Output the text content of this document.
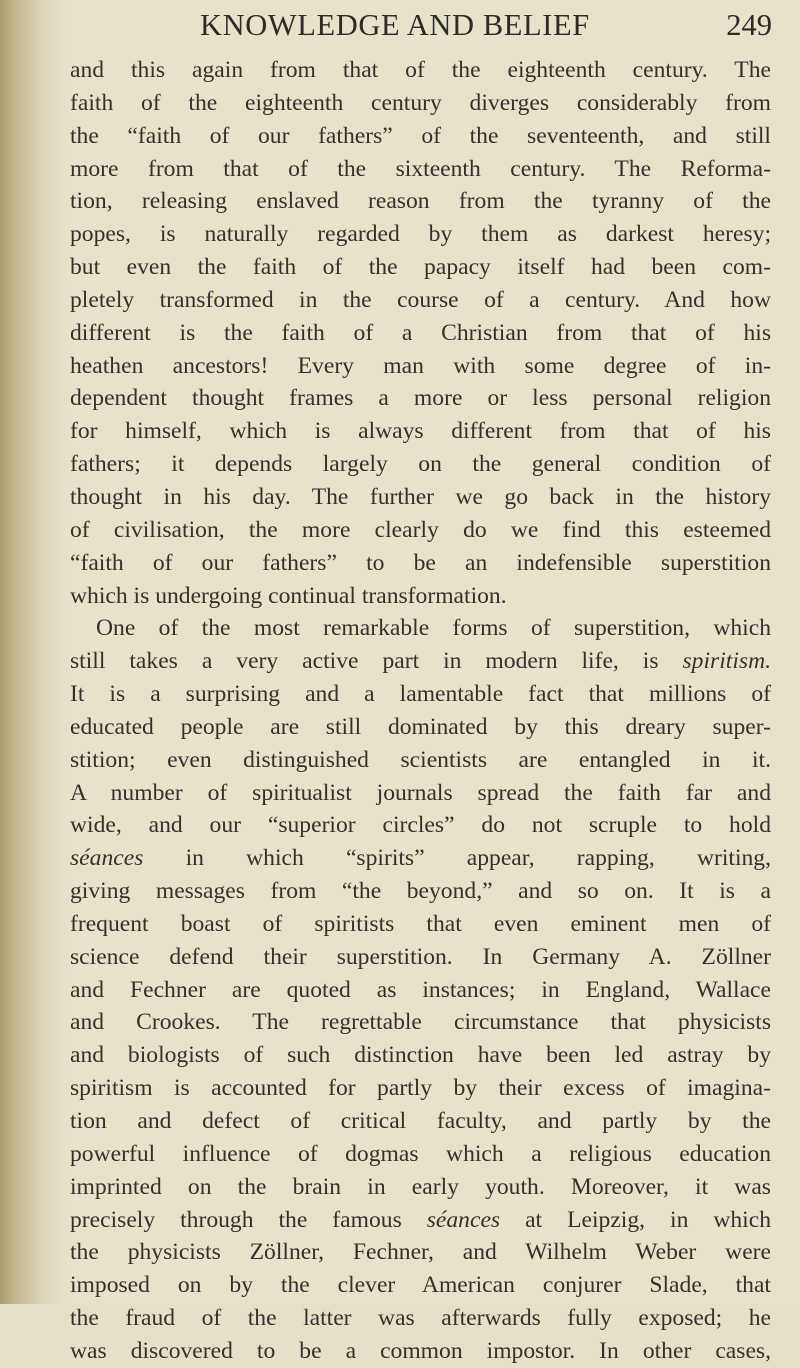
KNOWLEDGE AND BELIEF	249
and this again from that of the eighteenth century. The
faith of the eighteenth century diverges considerably from
the “faith of our fathers” of the seventeenth, and still
more from that of the sixteenth century. The Reforma-
tion, releasing enslaved reason from the tyranny of the
popes, is naturally regarded by them as darkest heresy;
but even the faith of the papacy itself had been com-
pletely transformed in the course of a century. And how
different is the faith of a Christian from that of his
heathen ancestors! Every man with some degree of in-
dependent thought frames a more or less personal religion
for himself, which is always different from that of his
fathers; it depends largely on the general condition of
thought in his day. The further we go back in the history
of civilisation, the more clearly do we find this esteemed
“faith of our fathers” to be an indefensible superstition
which is undergoing continual transformation.
One of the most remarkable forms of superstition, which
still takes a very active part in modern life, is spiritism.
It is a surprising and a lamentable fact that millions of
educated people are still dominated by this dreary super-
stition; even distinguished scientists are entangled in it.
A number of spiritualist journals spread the faith far and
wide, and our “superior circles” do not scruple to hold
séances in which “spirits” appear, rapping, writing,
giving messages from “the beyond,” and so on. It is a
frequent boast of spiritists that even eminent men of
science defend their superstition. In Germany A. Zöllner
and Fechner are quoted as instances; in England, Wallace
and Crookes. The regrettable circumstance that physicists
and biologists of such distinction have been led astray by
spiritism is accounted for partly by their excess of imagina-
tion and defect of critical faculty, and partly by the
powerful influence of dogmas which a religious education
imprinted on the brain in early youth. Moreover, it was
precisely through the famous séances at Leipzig, in which
the physicists Zöllner, Fechner, and Wilhelm Weber were
imposed on by the clever American conjurer Slade, that
the fraud of the latter was afterwards fully exposed; he
was discovered to be a common impostor. In other cases,
